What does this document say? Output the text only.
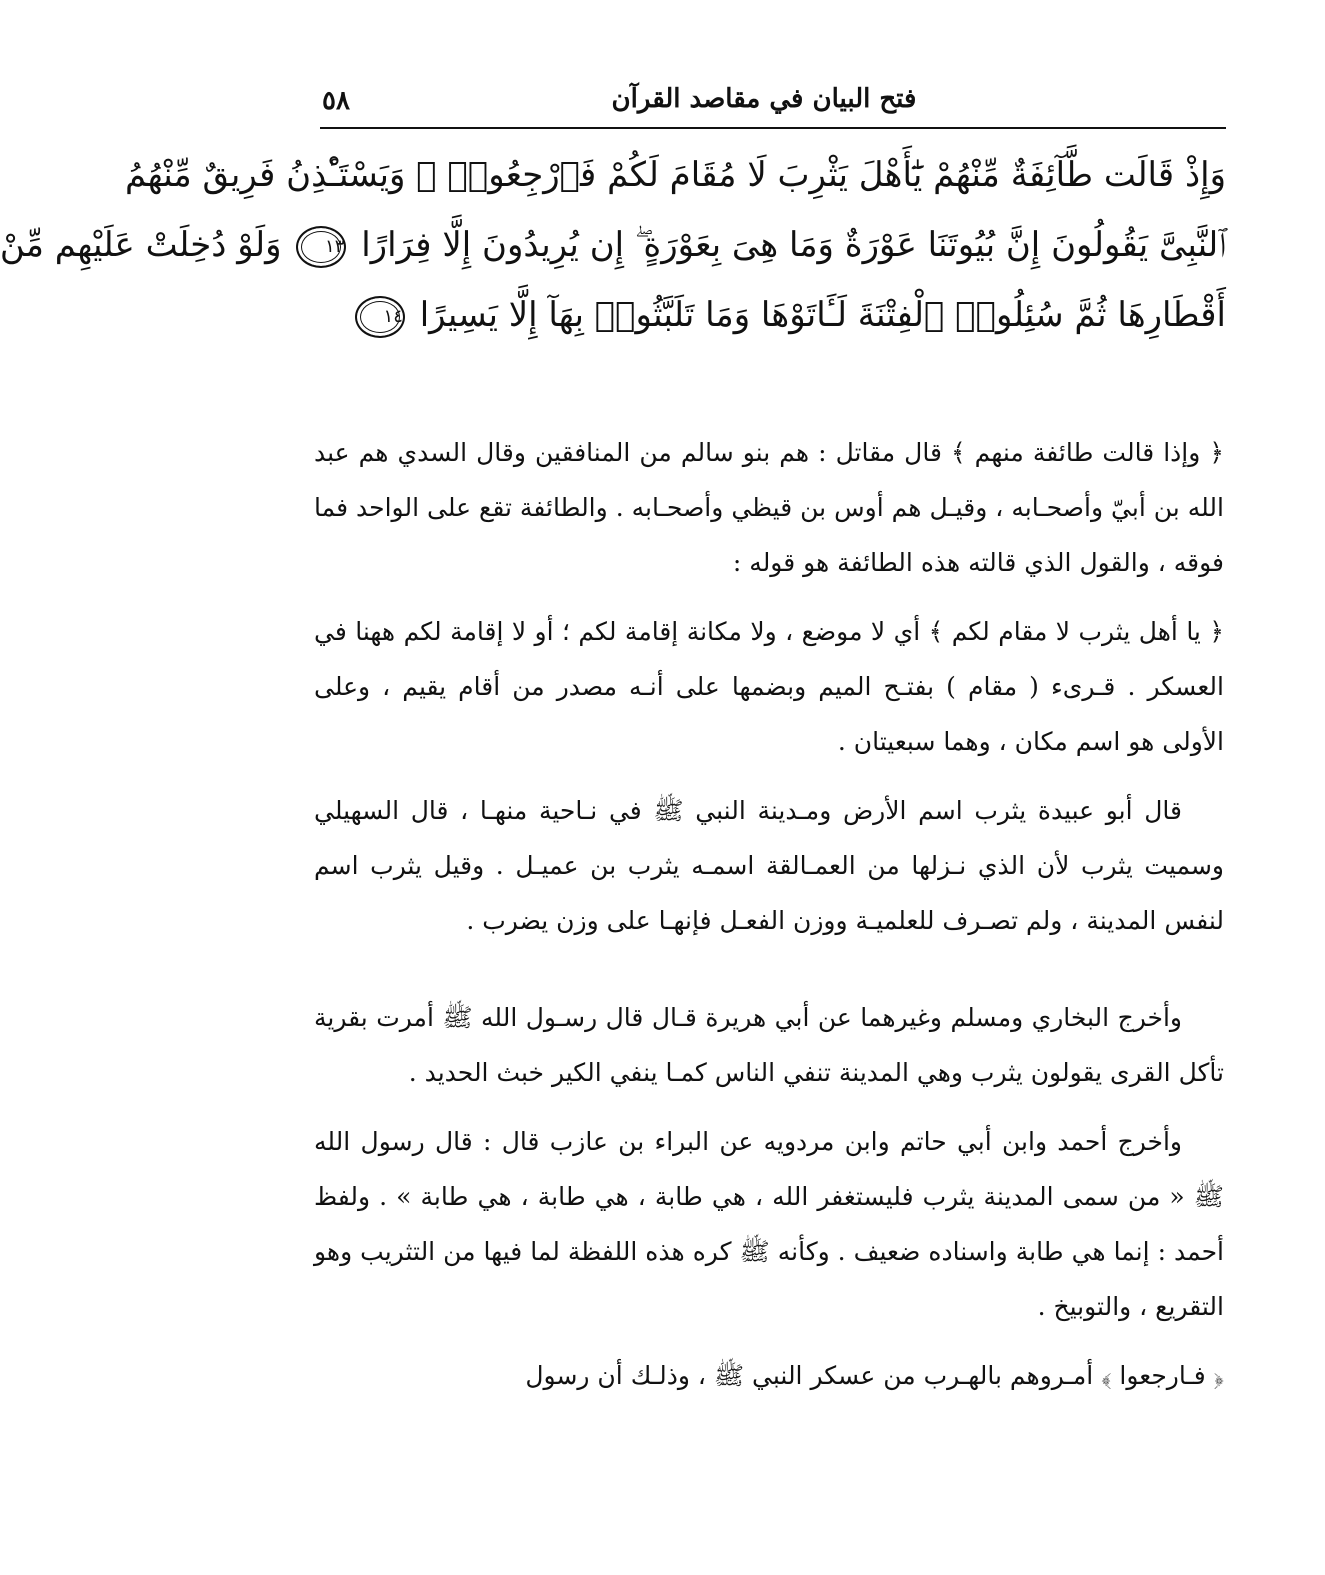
٥٨	فتح البيان في مقاصد القرآن
وَإِذْ قَالَت طَّآئِفَةٌ مِّنْهُمْ يَٰٓأَهْلَ يَثْرِبَ لَا مُقَامَ لَكُمْ فَٱرْجِعُوا۟ ۚ وَيَسْتَـْٔذِنُ فَرِيقٌ مِّنْهُمُ
ٱلنَّبِىَّ يَقُولُونَ إِنَّ بُيُوتَنَا عَوْرَةٌ وَمَا هِىَ بِعَوْرَةٍ ۖ إِن يُرِيدُونَ إِلَّا فِرَارًا ١٣ وَلَوْ دُخِلَتْ عَلَيْهِم مِّنْ
أَقْطَارِهَا ثُمَّ سُئِلُوا۟ ٱلْفِتْنَةَ لَـَٔاتَوْهَا وَمَا تَلَبَّثُوا۟ بِهَآ إِلَّا يَسِيرًا ١٤

﴿ وإذا قالت طائفة منهم ﴾ قال مقاتل : هم بنو سالم من المنافقين وقال السدي هم عبد الله بن أبيّ وأصحـابه ، وقيـل هم أوس بن قيظي وأصحـابه . والطائفة تقع على الواحد فما فوقه ، والقول الذي قالته هذه الطائفة هو قوله :

﴿ يا أهل يثرب لا مقام لكم ﴾ أي لا موضع ، ولا مكانة إقامة لكم ؛ أو لا إقامة لكم ههنا في العسكر . قـرىء ( مقام ) بفتـح الميم وبضمها على أنـه مصدر من أقام يقيم ، وعلى الأولى هو اسم مكان ، وهما سبعيتان .

قال أبو عبيدة يثرب اسم الأرض ومـدينة النبي ﷺ في نـاحية منهـا ، قال السهيلي وسميت يثرب لأن الذي نـزلها من العمـالقة اسمـه يثرب بن عميـل . وقيل يثرب اسم لنفس المدينة ، ولم تصـرف للعلميـة ووزن الفعـل فإنهـا على وزن يضرب .

وأخرج البخاري ومسلم وغيرهما عن أبي هريرة قـال قال رسـول الله ﷺ أمرت بقرية تأكل القرى يقولون يثرب وهي المدينة تنفي الناس كمـا ينفي الكير خبث الحديد .

وأخرج أحمد وابن أبي حاتم وابن مردويه عن البراء بن عازب قال : قال رسول الله ﷺ « من سمى المدينة يثرب فليستغفر الله ، هي طابة ، هي طابة ، هي طابة » . ولفظ أحمد : إنما هي طابة واسناده ضعيف . وكأنه ﷺ كره هذه اللفظة لما فيها من التثريب وهو التقريع ، والتوبيخ .

﴿ فـارجعوا ﴾ أمـروهم بالهـرب من عسكر النبي ﷺ ، وذلـك أن رسول
